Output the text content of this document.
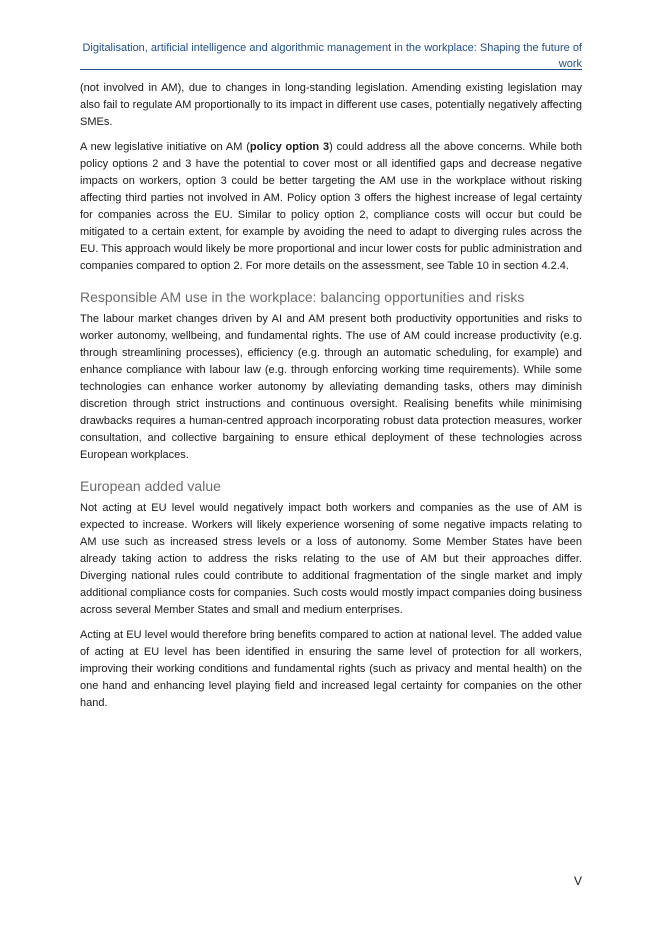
Digitalisation, artificial intelligence and algorithmic management in the workplace: Shaping the future of work

(not involved in AM), due to changes in long-standing legislation. Amending existing legislation may also fail to regulate AM proportionally to its impact in different use cases, potentially negatively affecting SMEs.

A new legislative initiative on AM (policy option 3) could address all the above concerns. While both policy options 2 and 3 have the potential to cover most or all identified gaps and decrease negative impacts on workers, option 3 could be better targeting the AM use in the workplace without risking affecting third parties not involved in AM. Policy option 3 offers the highest increase of legal certainty for companies across the EU. Similar to policy option 2, compliance costs will occur but could be mitigated to a certain extent, for example by avoiding the need to adapt to diverging rules across the EU. This approach would likely be more proportional and incur lower costs for public administration and companies compared to option 2. For more details on the assessment, see Table 10 in section 4.2.4.

Responsible AM use in the workplace: balancing opportunities and risks

The labour market changes driven by AI and AM present both productivity opportunities and risks to worker autonomy, wellbeing, and fundamental rights. The use of AM could increase productivity (e.g. through streamlining processes), efficiency (e.g. through an automatic scheduling, for example) and enhance compliance with labour law (e.g. through enforcing working time requirements). While some technologies can enhance worker autonomy by alleviating demanding tasks, others may diminish discretion through strict instructions and continuous oversight. Realising benefits while minimising drawbacks requires a human-centred approach incorporating robust data protection measures, worker consultation, and collective bargaining to ensure ethical deployment of these technologies across European workplaces.

European added value

Not acting at EU level would negatively impact both workers and companies as the use of AM is expected to increase. Workers will likely experience worsening of some negative impacts relating to AM use such as increased stress levels or a loss of autonomy. Some Member States have been already taking action to address the risks relating to the use of AM but their approaches differ. Diverging national rules could contribute to additional fragmentation of the single market and imply additional compliance costs for companies. Such costs would mostly impact companies doing business across several Member States and small and medium enterprises.

Acting at EU level would therefore bring benefits compared to action at national level. The added value of acting at EU level has been identified in ensuring the same level of protection for all workers, improving their working conditions and fundamental rights (such as privacy and mental health) on the one hand and enhancing level playing field and increased legal certainty for companies on the other hand.

V
